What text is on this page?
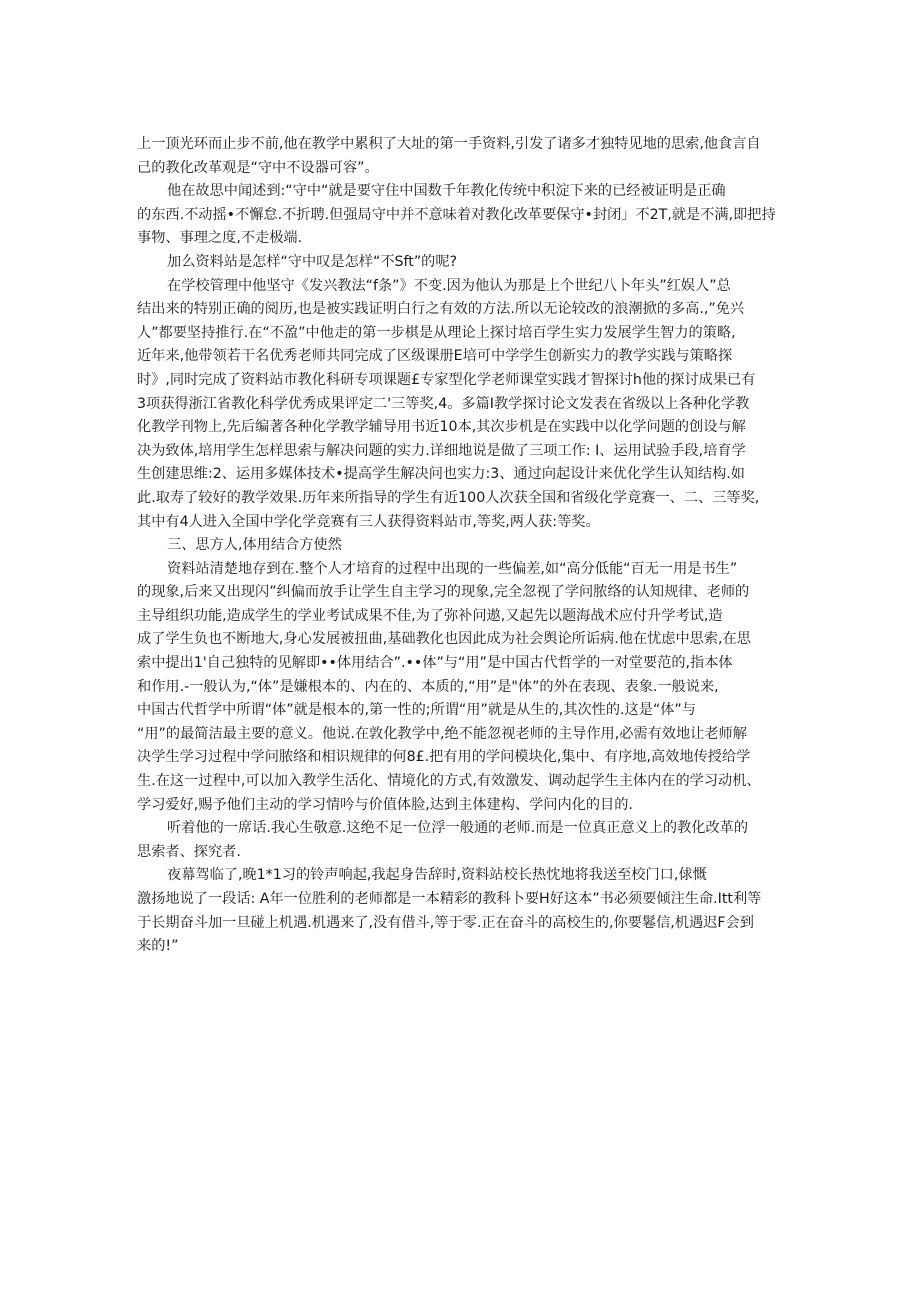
上一顶光环而止步不前,他在教学中累积了大址的第一手资料,引发了诸多才独特见地的思索,他食言自
己的教化改革观是“守中不设器可容”。
他在故思中闻述到:“守中“就是要守住中国数千年教化传统中积淀下来的已经被证明是正确
的东西.不动摇•不懈怠.不折聘.但强局守中并不意味着对教化改革要保守•封闭」不2T,就是不满,即把持
事物、事理之度,不走极端.
加么资料站是怎样“守中叹是怎样“不Sft”的呢?
在学校管理中他坚守《发兴教法“f条”》不变.因为他认为那是上个世纪八卜年头”红娱人”总
结出来的特别正确的阅历,也是被实践证明白行之有效的方法.所以无论较改的浪潮掀的多高.,”免兴
人”都要坚持推行.在“不盈”中他走的第一步棋是从理论上探讨培百学生实力发展学生智力的策略,
近年来,他带领若干名优秀老师共同完成了区级课册E培可中学学生创新实力的教学实践与策略探
时》,同时完成了资料站市教化科研专项课题£专家型化学老师课堂实践才智探讨h他的探讨成果已有
3项获得浙江省教化科学优秀成果评定二'三等奖,4。多篇I教学探讨论文发表在省级以上各种化学教
化教学刊物上,先后编著各种化学教学辅导用书近10本,其次步机是在实践中以化学问题的创设与解
决为致体,培用学生怎样思索与解决问题的实力.详细地说是做了三项工作: I、运用试验手段,培育学
生创建思维:2、运用多媒体技术•提高学生解决问也实力:3、通过向起设计来优化学生认知结构.如
此.取寿了较好的教学效果.历年来所指导的学生有近100人次获全国和省级化学竟赛一、二、三等奖,
其中有4人进入全国中学化学竞赛有三人获得资料站市,等奖,两人获:等奖。
三、思方人,体用结合方使然
资料站清楚地存到在.整个人才培育的过程中出现的一些偏差,如“高分低能“百无一用是书生”
的现象,后来又出现闪”纠偏而放手让学生自主学习的现象,完全忽视了学问脓络的认知规律、老师的
主导组织功能,造成学生的学业考试成果不佳,为了弥补问遨,又起先以题海战术应付升学考试,造
成了学生负也不断地大,身心发展被扭曲,基础教化也因此成为社会舆论所诟病.他在忧虑中思索,在思
索中提出1'自己独特的见解即••体用结合”.••体”与“用”是中国古代哲学的一对堂要范的,指本体
和作用.-一般认为,“体”是嫌根本的、内在的、本质的,“用”是"体”的外在表现、表象.一般说来,
中国古代哲学中所谓“体”就是根本的,第一性的;所谓“用”就是从生的,其次性的.这是“体”与
“用”的最简洁最主要的意义。他说.在敦化教学中,绝不能忽视老师的主导作用,必需有效地让老师解
决学生学习过程中学问脓络和相识规律的何8£.把有用的学问模块化,集中、有序地,高效地传授给学
生.在这一过程中,可以加入教学生活化、情境化的方式,有效激发、调动起学生主体内在的学习动机、
学习爱好,赐予他们主动的学习情吟与价值体脸,达到主体建构、学问内化的目的.
听着他的一席话.我心生敬意.这绝不足一位浮一般通的老师.而是一位真正意义上的教化改革的
思索者、探究者.
夜幕驾临了,晚1*1习的铃声响起,我起身告辞时,资料站校长热忱地将我送至校门口,俅慨
激扬地说了一段话: A年一位胜利的老师都是一本精彩的教科卜要H好这本”书必须要倾注生命.Itt利等
于长期奋斗加一旦碰上机遇.机遇来了,没有借斗,等于零.正在奋斗的高校生的,你要鬈信,机遇迟F会到
来的!”
